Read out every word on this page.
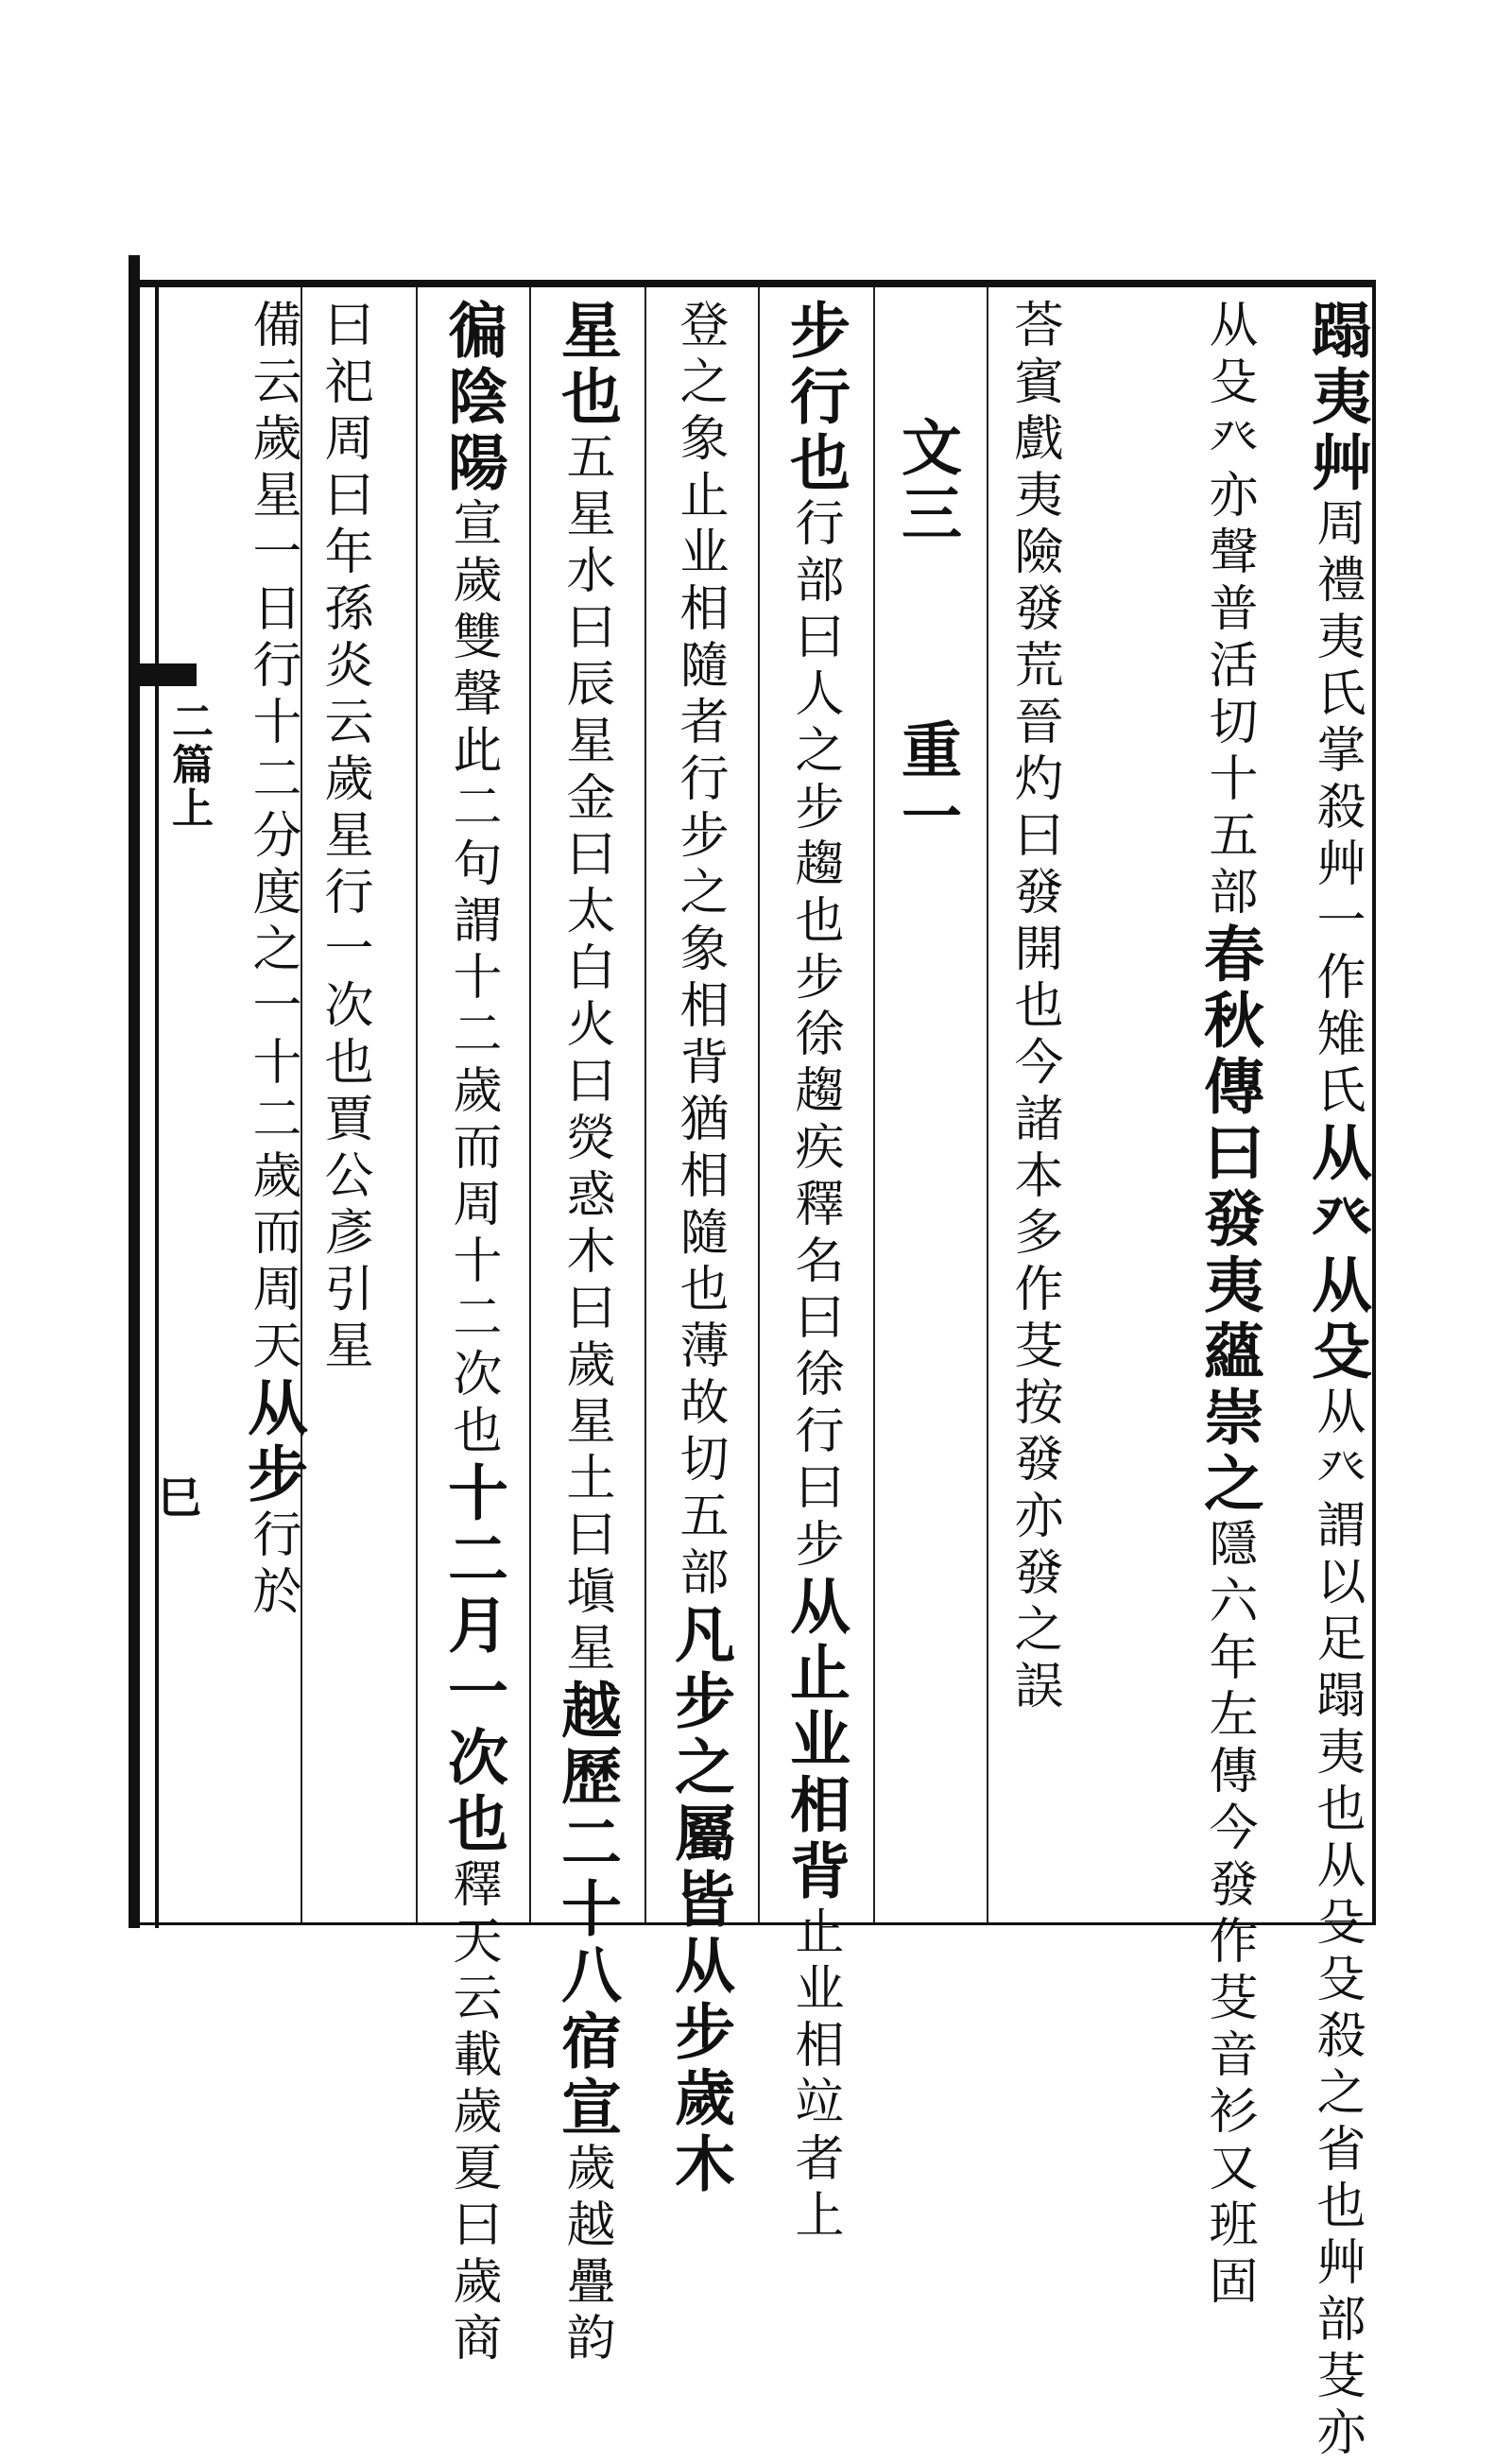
二篇上
巳
蹋夷艸周禮夷氏掌殺艸一作雉氏从癶从殳从癶謂以足蹋夷也从殳殳殺之省也艸部芟亦
从殳癶亦聲普活切十五部春秋傳曰發夷蘊崇之隱六年左傳今發作芟音衫又班固
荅賓戲夷險發荒晉灼曰發開也今諸本多作芟按發亦發之誤
文三重一
步行也行部曰人之步趨也步徐趨疾釋名曰徐行曰步从止业相背止业相竝者上
登之象止业相隨者行步之象相背猶相隨也薄故切五部凡步之屬皆从步歲木
星也五星水曰辰星金曰太白火曰熒惑木曰歲星土曰塡星越歷二十八宿宣歲越疊韵
徧陰陽宣歲雙聲此二句謂十二歲而周十二次也十二月一次也釋天云載歲夏曰歲商
曰祀周曰年孫炎云歲星行一次也賈公彥引星
備云歲星一日行十二分度之一十二歲而周天从步行於
